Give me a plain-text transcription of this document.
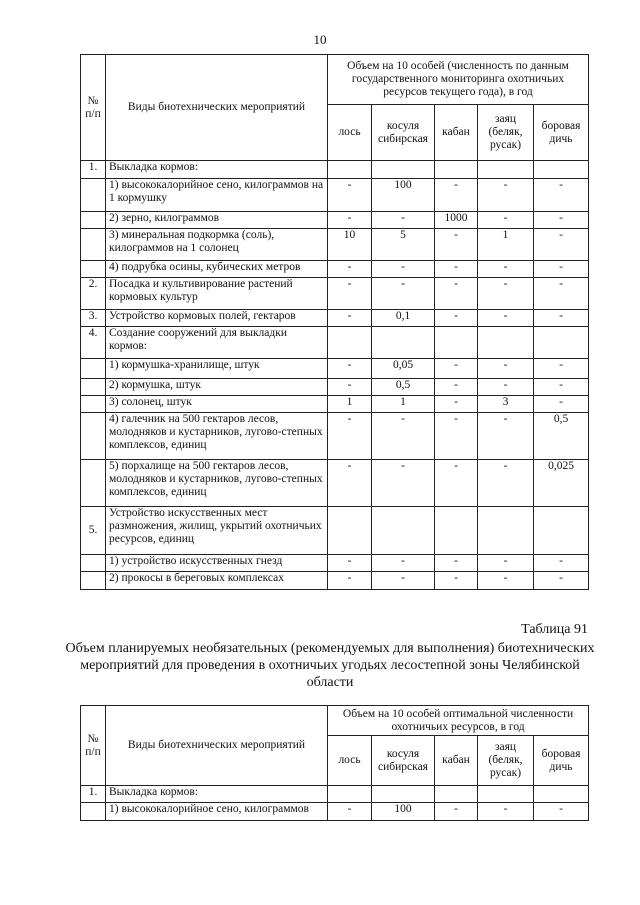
10
№ п/п	Виды биотехнических мероприятий	Объем на 10 особей (численность по данным государственного мониторинга охотничьих ресурсов текущего года), в год				
		лось	косуля сибирская	кабан	заяц (беляк, русак)	боровая дичь
1.	Выкладка кормов:					
	1) высококалорийное сено, килограммов на 1 кормушку	-	100	-	-	-
	2) зерно, килограммов	-	-	1000	-	-
	3) минеральная подкормка (соль), килограммов на 1 солонец	10	5	-	1	-
	4) подрубка осины, кубических метров	-	-	-	-	-
2.	Посадка и культивирование растений кормовых культур	-	-	-	-	-
3.	Устройство кормовых полей, гектаров	-	0,1	-	-	-
4.	Создание сооружений для выкладки кормов:					
	1) кормушка-хранилище, штук	-	0,05	-	-	-
	2) кормушка, штук	-	0,5	-	-	-
	3) солонец, штук	1	1	-	3	-
	4) галечник на 500 гектаров лесов, молодняков и кустарников, лугово-степных комплексов, единиц	-	-	-	-	0,5
	5) порхалище на 500 гектаров лесов, молодняков и кустарников, лугово-степных комплексов, единиц	-	-	-	-	0,025
5.	Устройство искусственных мест размножения, жилищ, укрытий охотничьих ресурсов, единиц					
	1) устройство искусственных гнезд	-	-	-	-	-
	2) прокосы в береговых комплексах	-	-	-	-	-
Таблица 91
Объем планируемых необязательных (рекомендуемых для выполнения) биотехнических мероприятий для проведения в охотничьих угодьях лесостепной зоны Челябинской области
№ п/п	Виды биотехнических мероприятий	Объем на 10 особей оптимальной численности охотничьих ресурсов, в год				
		лось	косуля сибирская	кабан	заяц (беляк, русак)	боровая дичь
1.	Выкладка кормов:					
	1) высококалорийное сено, килограммов	-	100	-	-	-
